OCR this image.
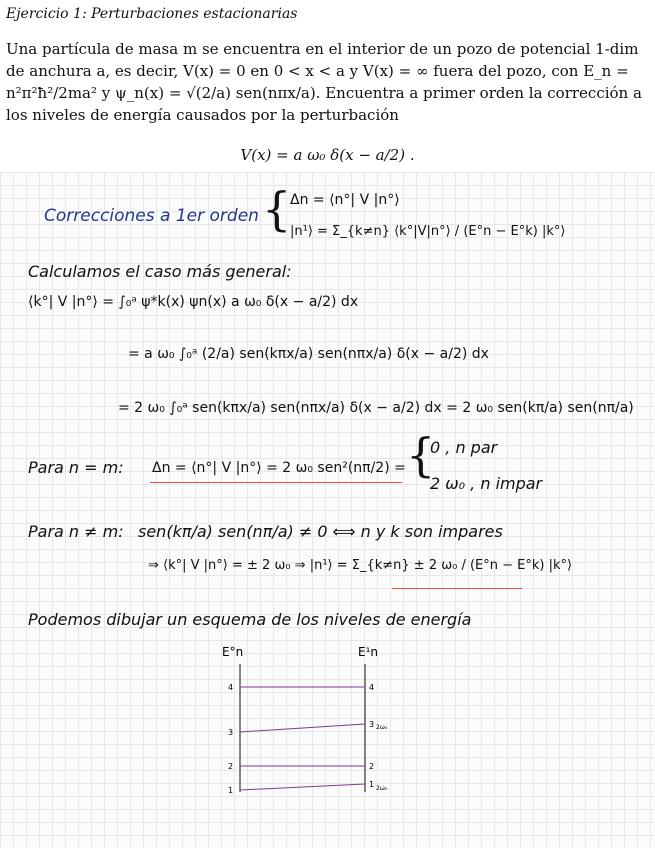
Ejercicio 1: Perturbaciones estacionarias
Una partícula de masa m se encuentra en el interior de un pozo de potencial 1-dim de anchura a, es decir, V(x) = 0 en 0 < x < a y V(x) = ∞ fuera del pozo, con E_n = n²π²ħ²/2ma² y ψ_n(x) = √(2/a) sen(nπx/a). Encuentra a primer orden la corrección a los niveles de energía causados por la perturbación
V(x) = a ω₀ δ(x − a/2) .
Correcciones a 1er orden {
Δn = ⟨n°| V |n°⟩
|n¹⟩ = Σ_{k≠n} ⟨k°|V|n°⟩ / (E°n − E°k) |k°⟩
Calculamos el caso más general:
⟨k°| V |n°⟩ = ∫₀ᵃ ψ*k(x) ψn(x) a ω₀ δ(x − a/2) dx
= a ω₀ ∫₀ᵃ (2/a) sen(kπx/a) sen(nπx/a) δ(x − a/2) dx
= 2 ω₀ ∫₀ᵃ sen(kπx/a) sen(nπx/a) δ(x − a/2) dx = 2 ω₀ sen(kπ/a) sen(nπ/a)
Para n = m: Δn = ⟨n°| V |n°⟩ = 2 ω₀ sen²(nπ/2) = {
0 , n par
2 ω₀ , n impar
Para n ≠ m: sen(kπ/a) sen(nπ/a) ≠ 0 ⟺ n y k son impares
⇒ ⟨k°| V |n°⟩ = ± 2 ω₀ ⇒ |n¹⟩ = Σ_{k≠n} ± 2 ω₀ / (E°n − E°k) |k°⟩
Podemos dibujar un esquema de los niveles de energía
E°n	E¹n
4	4
3
3 2ω₀
2	2
1
1 2ω₀
